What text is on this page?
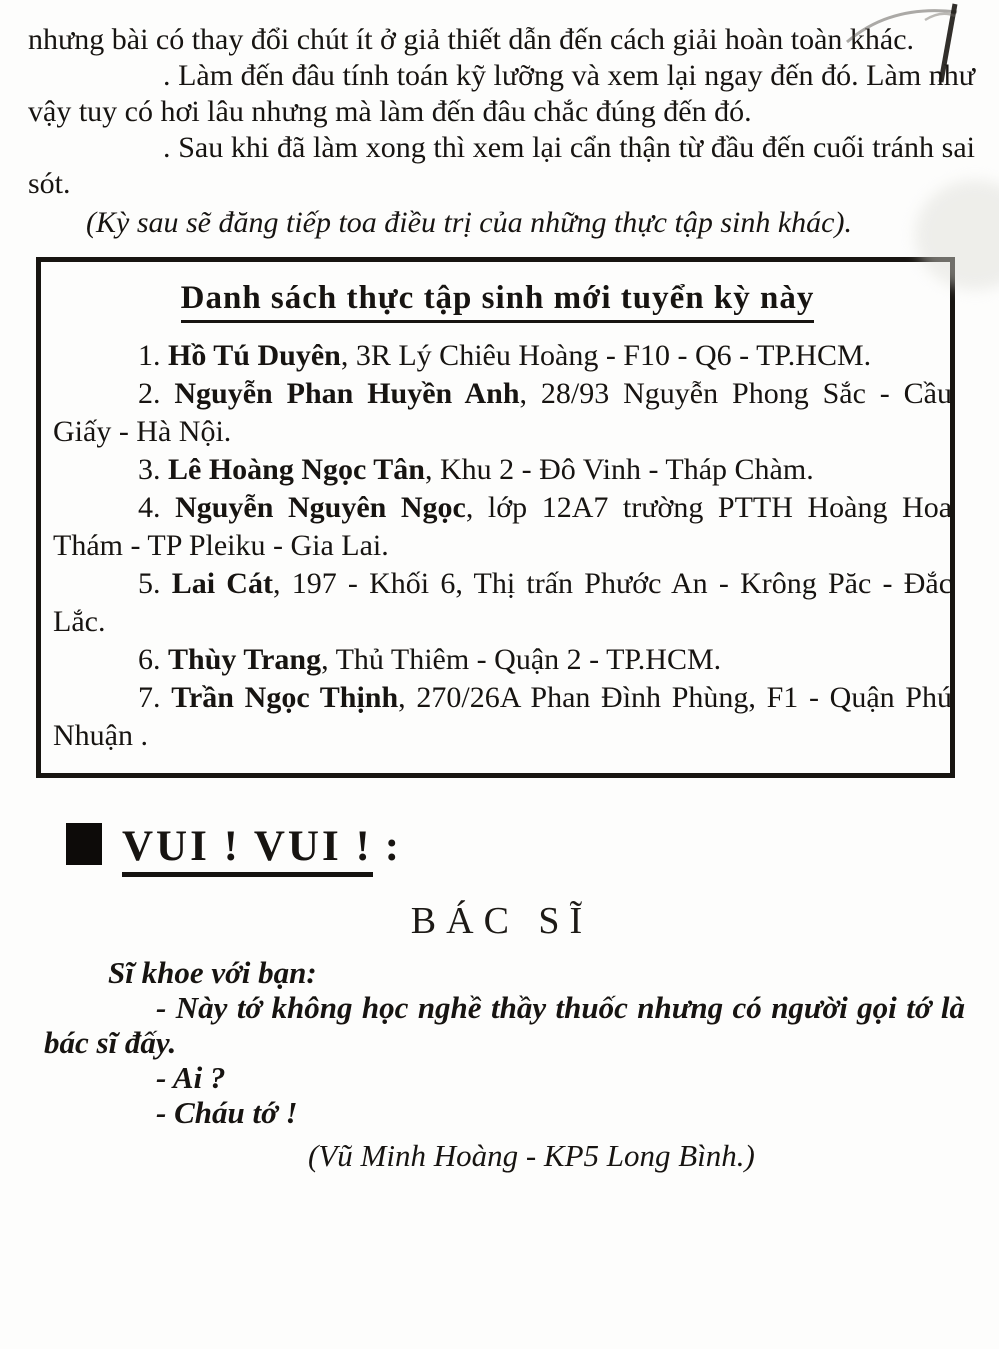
nhưng bài có thay đổi chút ít ở giả thiết dẫn đến cách giải hoàn toàn khác.

. Làm đến đâu tính toán kỹ lưỡng và xem lại ngay đến đó. Làm như vậy tuy có hơi lâu nhưng mà làm đến đâu chắc đúng đến đó.

. Sau khi đã làm xong thì xem lại cẩn thận từ đầu đến cuối tránh sai sót.

(Kỳ sau sẽ đăng tiếp toa điều trị của những thực tập sinh khác).

Danh sách thực tập sinh mới tuyển kỳ này

1. Hồ Tú Duyên, 3R Lý Chiêu Hoàng - F10 - Q6 - TP.HCM.

2. Nguyễn Phan Huyền Anh, 28/93 Nguyễn Phong Sắc - Cầu Giấy - Hà Nội.

3. Lê Hoàng Ngọc Tân, Khu 2 - Đô Vinh - Tháp Chàm.

4. Nguyễn Nguyên Ngọc, lớp 12A7 trường PTTH Hoàng Hoa Thám - TP Pleiku - Gia Lai.

5. Lai Cát, 197 - Khối 6, Thị trấn Phước An - Krông Păc - Đắc Lắc.

6. Thùy Trang, Thủ Thiêm - Quận 2 - TP.HCM.

7. Trần Ngọc Thịnh, 270/26A Phan Đình Phùng, F1 - Quận Phú Nhuận .

VUI ! VUI ! :
BÁC SĨ

Sĩ khoe với bạn:

- Này tớ không học nghề thầy thuốc nhưng có người gọi tớ là bác sĩ đấy.

- Ai ?

- Cháu tớ !

(Vũ Minh Hoàng - KP5 Long Bình.)
